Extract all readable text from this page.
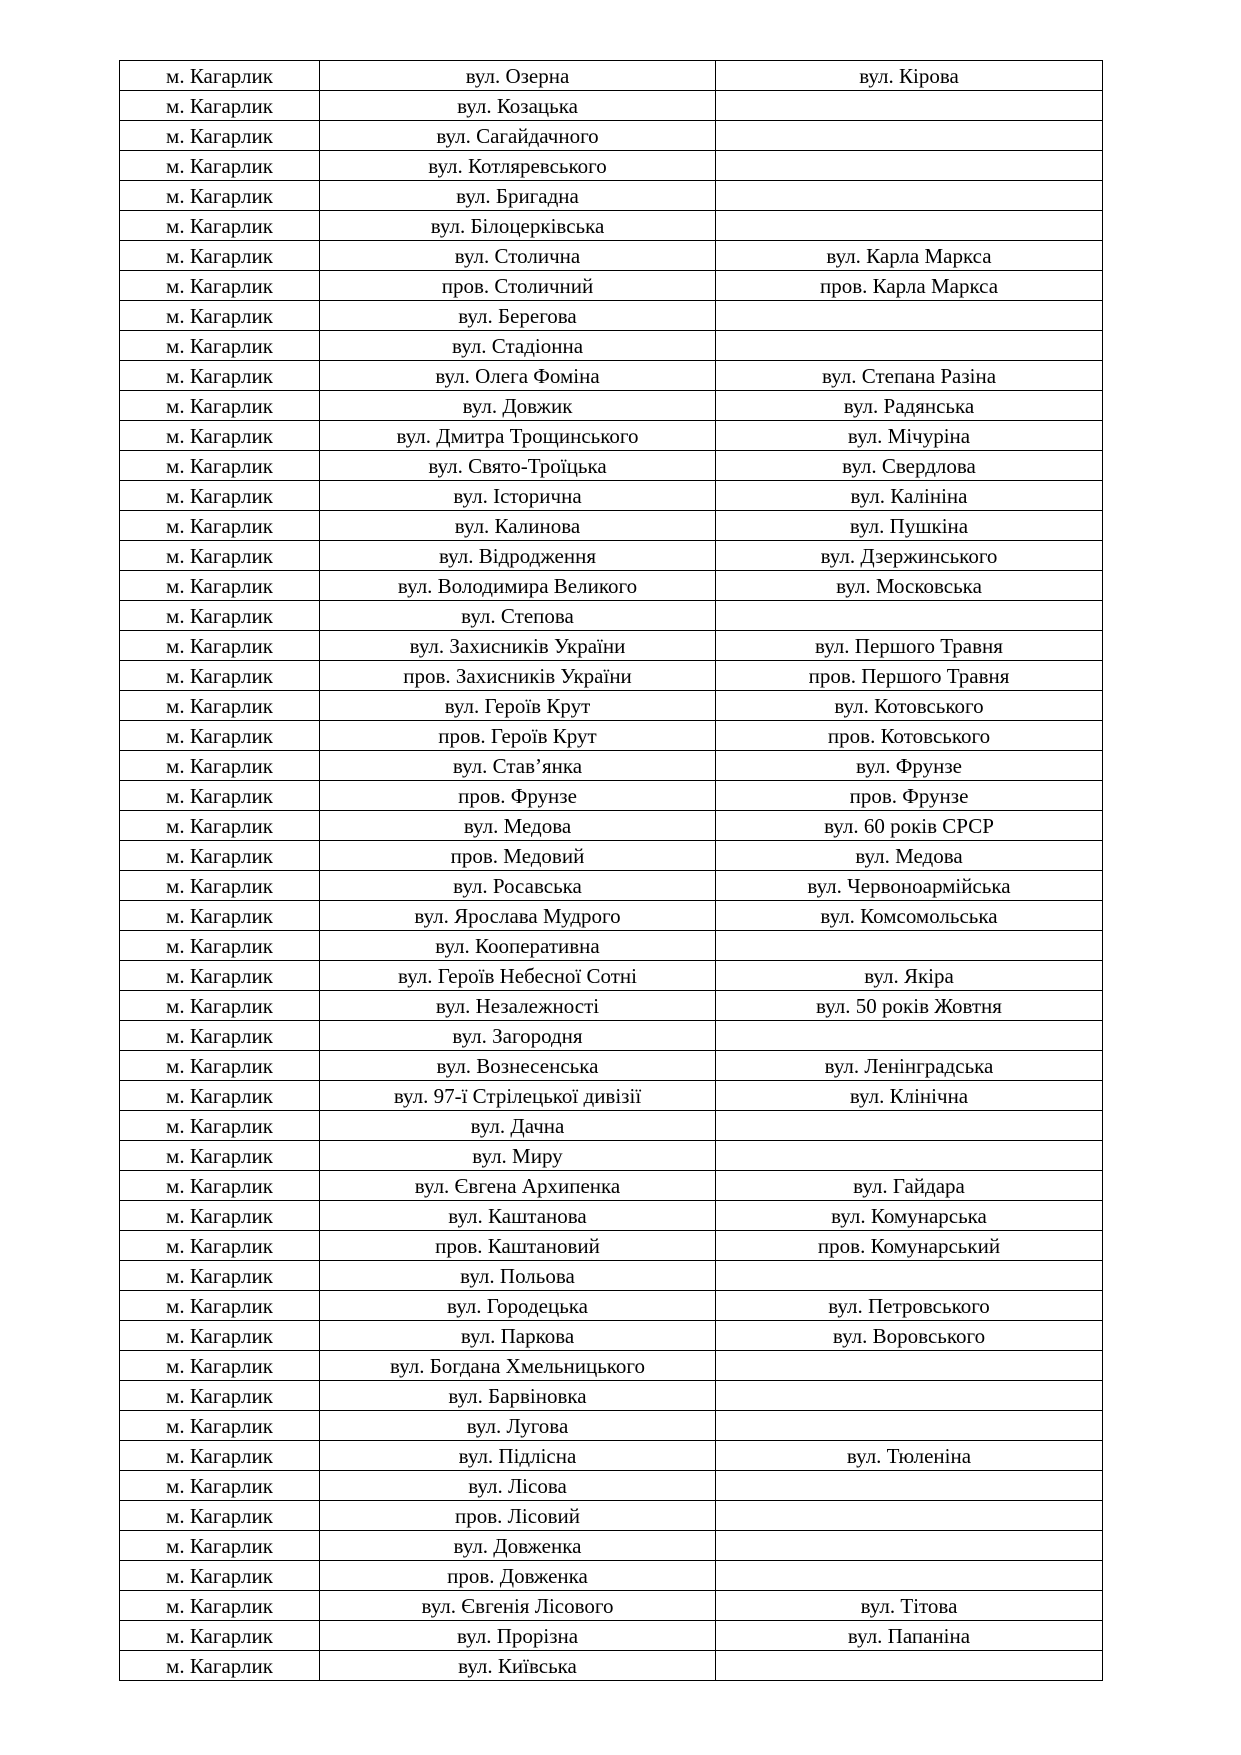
м. Кагарлик	вул. Озерна	вул. Кірова
м. Кагарлик	вул. Козацька	
м. Кагарлик	вул. Сагайдачного	
м. Кагарлик	вул. Котляревського	
м. Кагарлик	вул. Бригадна	
м. Кагарлик	вул. Білоцерківська	
м. Кагарлик	вул. Столична	вул. Карла Маркса
м. Кагарлик	пров. Столичний	пров. Карла Маркса
м. Кагарлик	вул. Берегова	
м. Кагарлик	вул. Стадіонна	
м. Кагарлик	вул. Олега Фоміна	вул. Степана Разіна
м. Кагарлик	вул. Довжик	вул. Радянська
м. Кагарлик	вул. Дмитра Трощинського	вул. Мічуріна
м. Кагарлик	вул. Свято-Троїцька	вул. Свердлова
м. Кагарлик	вул. Історична	вул. Калініна
м. Кагарлик	вул. Калинова	вул. Пушкіна
м. Кагарлик	вул. Відродження	вул. Дзержинського
м. Кагарлик	вул. Володимира Великого	вул. Московська
м. Кагарлик	вул. Степова	
м. Кагарлик	вул. Захисників України	вул. Першого Травня
м. Кагарлик	пров. Захисників України	пров. Першого Травня
м. Кагарлик	вул. Героїв Крут	вул. Котовського
м. Кагарлик	пров. Героїв Крут	пров. Котовського
м. Кагарлик	вул. Став’янка	вул. Фрунзе
м. Кагарлик	пров. Фрунзе	пров. Фрунзе
м. Кагарлик	вул. Медова	вул. 60 років СРСР
м. Кагарлик	пров. Медовий	вул. Медова
м. Кагарлик	вул. Росавська	вул. Червоноармійська
м. Кагарлик	вул. Ярослава Мудрого	вул. Комсомольська
м. Кагарлик	вул. Кооперативна	
м. Кагарлик	вул. Героїв Небесної Сотні	вул. Якіра
м. Кагарлик	вул. Незалежності	вул. 50 років Жовтня
м. Кагарлик	вул. Загородня	
м. Кагарлик	вул. Вознесенська	вул. Ленінградська
м. Кагарлик	вул. 97-ї Стрілецької дивізії	вул. Клінічна
м. Кагарлик	вул. Дачна	
м. Кагарлик	вул. Миру	
м. Кагарлик	вул. Євгена Архипенка	вул. Гайдара
м. Кагарлик	вул. Каштанова	вул. Комунарська
м. Кагарлик	пров. Каштановий	пров. Комунарський
м. Кагарлик	вул. Польова	
м. Кагарлик	вул. Городецька	вул. Петровського
м. Кагарлик	вул. Паркова	вул. Воровського
м. Кагарлик	вул. Богдана Хмельницького	
м. Кагарлик	вул. Барвіновка	
м. Кагарлик	вул. Лугова	
м. Кагарлик	вул. Підлісна	вул. Тюленіна
м. Кагарлик	вул. Лісова	
м. Кагарлик	пров. Лісовий	
м. Кагарлик	вул. Довженка	
м. Кагарлик	пров. Довженка	
м. Кагарлик	вул. Євгенія Лісового	вул. Тітова
м. Кагарлик	вул. Прорізна	вул. Папаніна
м. Кагарлик	вул. Київська	
